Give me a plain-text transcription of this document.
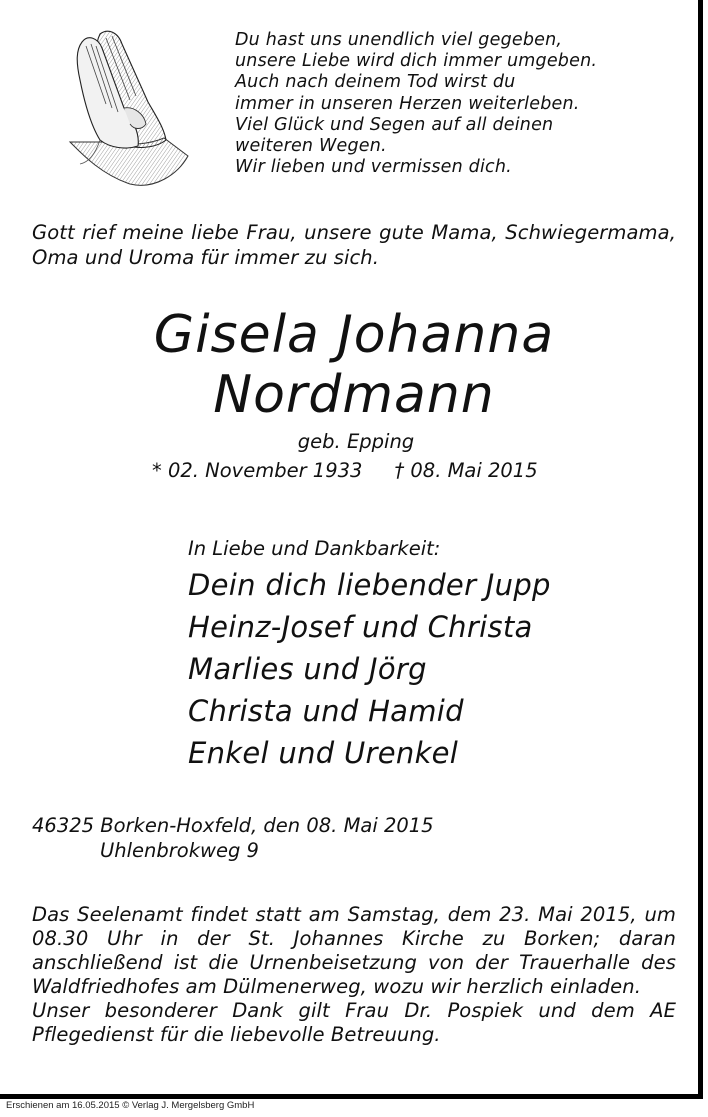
Du hast uns unendlich viel gegeben,
unsere Liebe wird dich immer umgeben.
Auch nach deinem Tod wirst du
immer in unseren Herzen weiterleben.
Viel Glück und Segen auf all deinen
weiteren Wegen.
Wir lieben und vermissen dich.
Gott rief meine liebe Frau, unsere gute Mama, Schwiegermama, Oma und Uroma für immer zu sich.
Gisela Johanna
Nordmann
geb. Epping
* 02. November 1933 † 08. Mai 2015
In Liebe und Dankbarkeit:
Dein dich liebender Jupp
Heinz-Josef und Christa
Marlies und Jörg
Christa und Hamid
Enkel und Urenkel
46325 Borken-Hoxfeld, den 08. Mai 2015
Uhlenbrokweg 9

Das Seelenamt findet statt am Samstag, dem 23. Mai 2015, um 08.30 Uhr in der St. Johannes Kirche zu Borken; daran anschließend ist die Urnenbeisetzung von der Trauerhalle des Waldfriedhofes am Dülmenerweg, wozu wir herzlich einladen.

Unser besonderer Dank gilt Frau Dr. Pospiek und dem AE Pflegedienst für die liebevolle Betreuung.

Erschienen am 16.05.2015 © Verlag J. Mergelsberg GmbH
